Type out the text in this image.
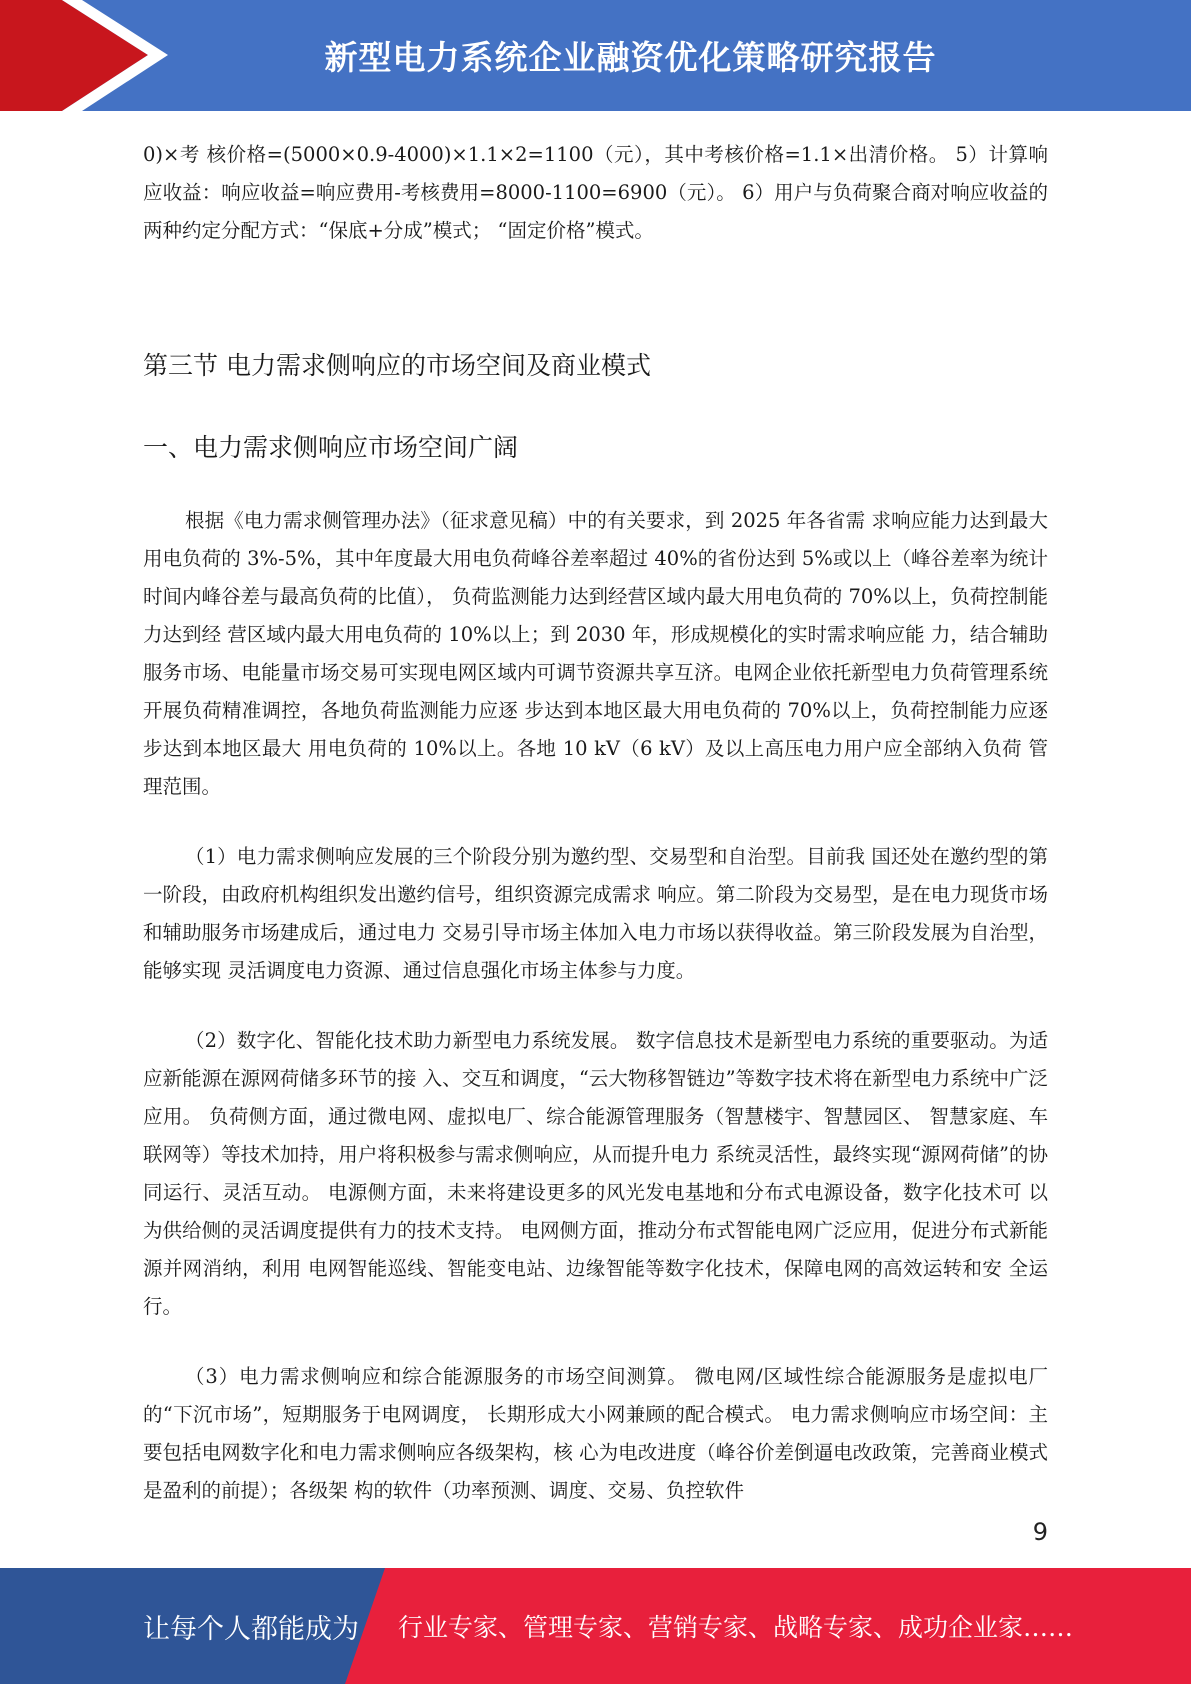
新型电力系统企业融资优化策略研究报告

0)×考 核价格=(5000×0.9-4000)×1.1×2=1100（元），其中考核价格=1.1×出清价格。 5）计算响应收益：响应收益=响应费用-考核费用=8000-1100=6900（元）。 6）用户与负荷聚合商对响应收益的两种约定分配方式：“保底+分成”模式； “固定价格”模式。

第三节 电力需求侧响应的市场空间及商业模式
一、电力需求侧响应市场空间广阔

根据《电力需求侧管理办法》（征求意见稿）中的有关要求，到 2025 年各省需 求响应能力达到最大用电负荷的 3%-5%，其中年度最大用电负荷峰谷差率超过 40%的省份达到 5%或以上（峰谷差率为统计时间内峰谷差与最高负荷的比值）， 负荷监测能力达到经营区域内最大用电负荷的 70%以上，负荷控制能力达到经 营区域内最大用电负荷的 10%以上；到 2030 年，形成规模化的实时需求响应能 力，结合辅助服务市场、电能量市场交易可实现电网区域内可调节资源共享互济。电网企业依托新型电力负荷管理系统开展负荷精准调控，各地负荷监测能力应逐 步达到本地区最大用电负荷的 70%以上，负荷控制能力应逐步达到本地区最大 用电负荷的 10%以上。各地 10 kV（6 kV）及以上高压电力用户应全部纳入负荷 管理范围。

（1）电力需求侧响应发展的三个阶段分别为邀约型、交易型和自治型。目前我 国还处在邀约型的第一阶段，由政府机构组织发出邀约信号，组织资源完成需求 响应。第二阶段为交易型，是在电力现货市场和辅助服务市场建成后，通过电力 交易引导市场主体加入电力市场以获得收益。第三阶段发展为自治型，能够实现 灵活调度电力资源、通过信息强化市场主体参与力度。

（2）数字化、智能化技术助力新型电力系统发展。 数字信息技术是新型电力系统的重要驱动。为适应新能源在源网荷储多环节的接 入、交互和调度，“云大物移智链边”等数字技术将在新型电力系统中广泛应用。 负荷侧方面，通过微电网、虚拟电厂、综合能源管理服务（智慧楼宇、智慧园区、 智慧家庭、车联网等）等技术加持，用户将积极参与需求侧响应，从而提升电力 系统灵活性，最终实现“源网荷储”的协同运行、灵活互动。 电源侧方面，未来将建设更多的风光发电基地和分布式电源设备，数字化技术可 以为供给侧的灵活调度提供有力的技术支持。 电网侧方面，推动分布式智能电网广泛应用，促进分布式新能源并网消纳，利用 电网智能巡线、智能变电站、边缘智能等数字化技术，保障电网的高效运转和安 全运行。

（3）电力需求侧响应和综合能源服务的市场空间测算。 微电网/区域性综合能源服务是虚拟电厂的“下沉市场”，短期服务于电网调度， 长期形成大小网兼顾的配合模式。 电力需求侧响应市场空间：主要包括电网数字化和电力需求侧响应各级架构，核 心为电改进度（峰谷价差倒逼电改政策，完善商业模式是盈利的前提）；各级架 构的软件（功率预测、调度、交易、负控软件

9
让每个人都能成为 行业专家、管理专家、营销专家、战略专家、成功企业家……
